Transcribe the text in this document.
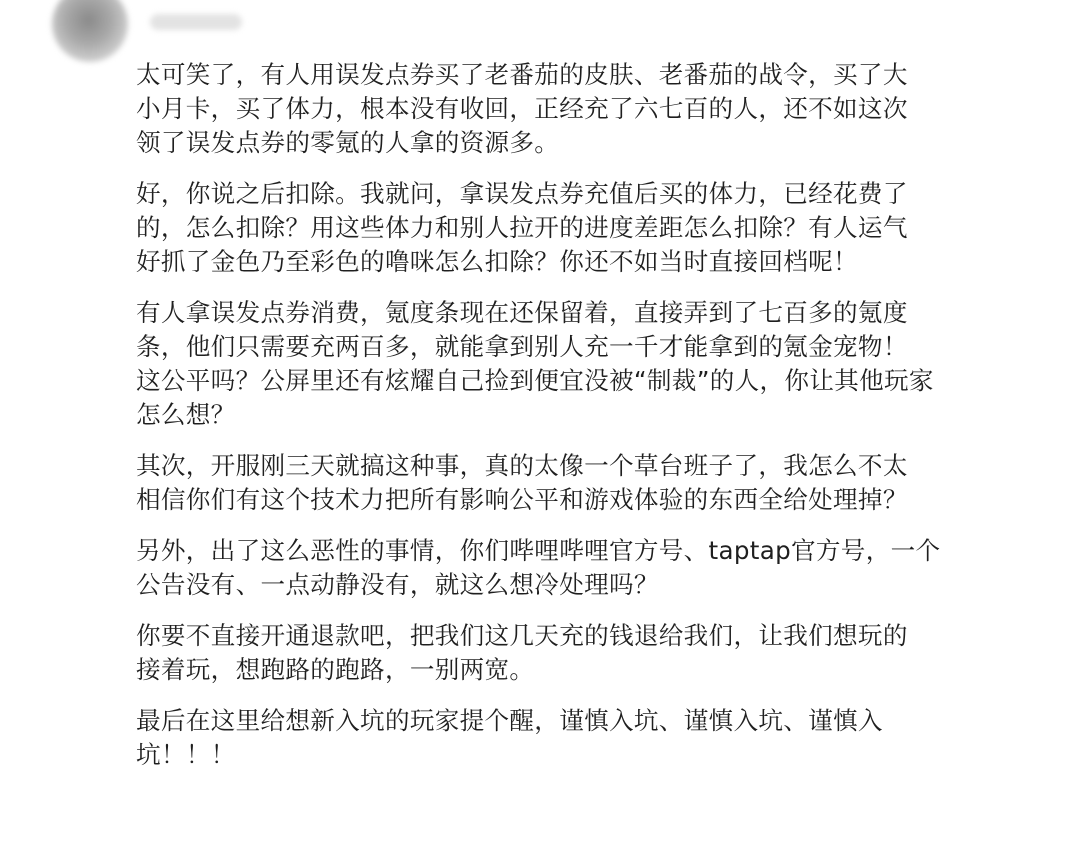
太可笑了，有人用误发点券买了老番茄的皮肤、老番茄的战令，买了大
小月卡，买了体力，根本没有收回，正经充了六七百的人，还不如这次
领了误发点券的零氪的人拿的资源多。

好，你说之后扣除。我就问，拿误发点券充值后买的体力，已经花费了
的，怎么扣除？用这些体力和别人拉开的进度差距怎么扣除？有人运气
好抓了金色乃至彩色的噜咪怎么扣除？你还不如当时直接回档呢！

有人拿误发点券消费，氪度条现在还保留着，直接弄到了七百多的氪度
条，他们只需要充两百多，就能拿到别人充一千才能拿到的氪金宠物！
这公平吗？公屏里还有炫耀自己捡到便宜没被“制裁”的人，你让其他玩家
怎么想？

其次，开服刚三天就搞这种事，真的太像一个草台班子了，我怎么不太
相信你们有这个技术力把所有影响公平和游戏体验的东西全给处理掉？

另外，出了这么恶性的事情，你们哔哩哔哩官方号、taptap官方号，一个
公告没有、一点动静没有，就这么想冷处理吗？

你要不直接开通退款吧，把我们这几天充的钱退给我们，让我们想玩的
接着玩，想跑路的跑路，一别两宽。

最后在这里给想新入坑的玩家提个醒，谨慎入坑、谨慎入坑、谨慎入
坑！！！
